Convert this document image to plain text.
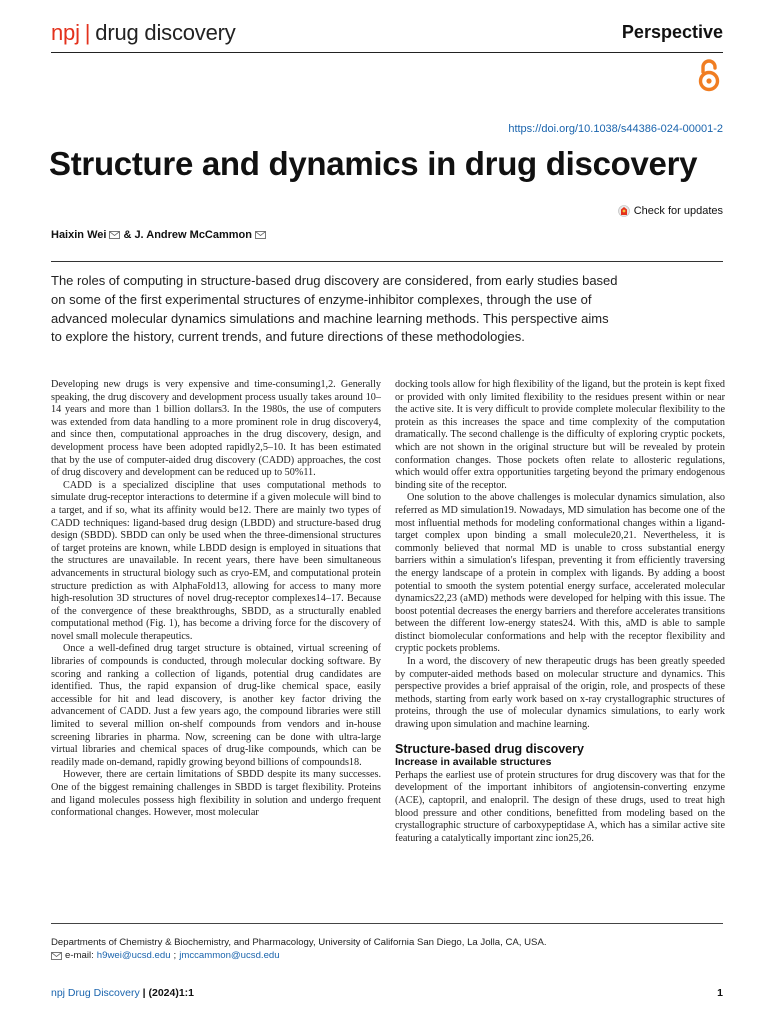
npj | drug discovery	Perspective
https://doi.org/10.1038/s44386-024-00001-2
Structure and dynamics in drug discovery
Check for updates
Haixin Wei & J. Andrew McCammon

The roles of computing in structure-based drug discovery are considered, from early studies based on some of the first experimental structures of enzyme-inhibitor complexes, through the use of advanced molecular dynamics simulations and machine learning methods. This perspective aims to explore the history, current trends, and future directions of these methodologies.

Developing new drugs is very expensive and time-consuming1,2. Generally speaking, the drug discovery and development process usually takes around 10–14 years and more than 1 billion dollars3. In the 1980s, the use of computers was extended from data handling to a more prominent role in drug discovery4, and since then, computational approaches in the drug discovery, design, and development process have been adopted rapidly2,5–10. It has been estimated that by the use of computer-aided drug discovery (CADD) approaches, the cost of drug discovery and development can be reduced up to 50%11.

CADD is a specialized discipline that uses computational methods to simulate drug-receptor interactions to determine if a given molecule will bind to a target, and if so, what its affinity would be12. There are mainly two types of CADD techniques: ligand-based drug design (LBDD) and structure-based drug design (SBDD). SBDD can only be used when the three-dimensional structures of target proteins are known, while LBDD design is employed in situations that the structures are unavailable. In recent years, there have been simultaneous advancements in structural biology such as cryo-EM, and computational protein structure prediction as with AlphaFold13, allowing for access to many more high-resolution 3D structures of novel drug-receptor complexes14–17. Because of the convergence of these breakthroughs, SBDD, as a structurally enabled computational method (Fig. 1), has become a driving force for the discovery of novel small molecule therapeutics.

Once a well-defined drug target structure is obtained, virtual screening of libraries of compounds is conducted, through molecular docking software. By scoring and ranking a collection of ligands, potential drug candidates are identified. Thus, the rapid expansion of drug-like chemical space, easily accessible for hit and lead discovery, is another key factor driving the advancement of CADD. Just a few years ago, the compound libraries were still limited to several million on-shelf compounds from vendors and in-house screening libraries in pharma. Now, screening can be done with ultra-large virtual libraries and chemical spaces of drug-like compounds, which can be readily made on-demand, rapidly growing beyond billions of compounds18.

However, there are certain limitations of SBDD despite its many successes. One of the biggest remaining challenges in SBDD is target flexibility. Proteins and ligand molecules possess high flexibility in solution and undergo frequent conformational changes. However, most molecular

docking tools allow for high flexibility of the ligand, but the protein is kept fixed or provided with only limited flexibility to the residues present within or near the active site. It is very difficult to provide complete molecular flexibility to the protein as this increases the space and time complexity of the computation dramatically. The second challenge is the difficulty of exploring cryptic pockets, which are not shown in the original structure but will be revealed by protein conformation changes. Those pockets often relate to allosteric regulations, which would offer extra opportunities targeting beyond the primary endogenous binding site of the receptor.

One solution to the above challenges is molecular dynamics simulation, also referred as MD simulation19. Nowadays, MD simulation has become one of the most influential methods for modeling conformational changes within a ligand-target complex upon binding a small molecule20,21. Nevertheless, it is commonly believed that normal MD is unable to cross substantial energy barriers within a simulation's lifespan, preventing it from efficiently traversing the energy landscape of a protein in complex with ligands. By adding a boost potential to smooth the system potential energy surface, accelerated molecular dynamics22,23 (aMD) methods were developed for helping with this issue. The boost potential decreases the energy barriers and therefore accelerates transitions between the different low-energy states24. With this, aMD is able to sample distinct biomolecular conformations and help with the receptor flexibility and cryptic pockets problems.

In a word, the discovery of new therapeutic drugs has been greatly speeded by computer-aided methods based on molecular structure and dynamics. This perspective provides a brief appraisal of the origin, role, and prospects of these methods, starting from early work based on x-ray crystallographic structures of proteins, through the use of molecular dynamics simulations, to early work drawing upon simulation and machine learning.

Structure-based drug discovery
Increase in available structures

Perhaps the earliest use of protein structures for drug discovery was that for the development of the important inhibitors of angiotensin-converting enzyme (ACE), captopril, and enalopril. The design of these drugs, used to treat high blood pressure and other conditions, benefitted from modeling based on the crystallographic structure of carboxypeptidase A, which has a similar active site featuring a catalytically important zinc ion25,26.

Departments of Chemistry & Biochemistry, and Pharmacology, University of California San Diego, La Jolla, CA, USA.
e-mail: h9wei@ucsd.edu ; jmccammon@ucsd.edu
npj Drug Discovery | (2024)1:1	1
